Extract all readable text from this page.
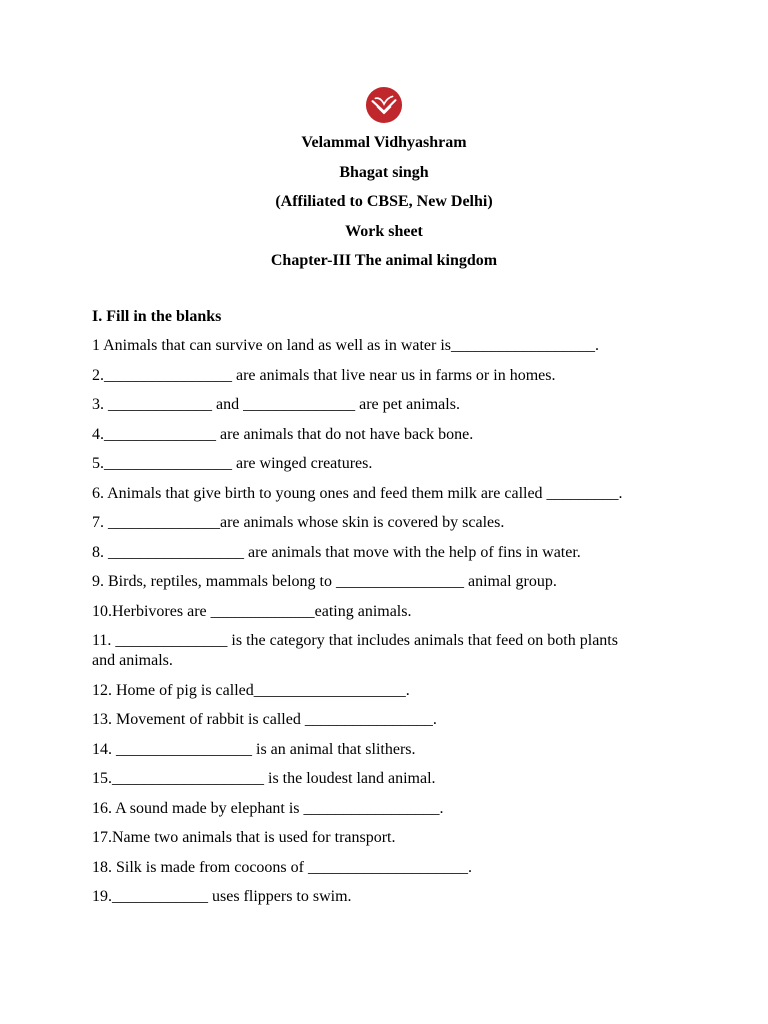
Velammal Vidhyashram
Bhagat singh
(Affiliated to CBSE, New Delhi)
Work sheet
Chapter-III The animal kingdom
I. Fill in the blanks
1 Animals that can survive on land as well as in water is__________________.
2.________________ are animals that live near us in farms or in homes.
3. _____________ and ______________ are pet animals.
4.______________ are animals that do not have back bone.
5.________________ are winged creatures.
6. Animals that give birth to young ones and feed them milk are called _________.
7. ______________are animals whose skin is covered by scales.
8. _________________ are animals that move with the help of fins in water.
9. Birds, reptiles, mammals belong to ________________ animal group.
10.Herbivores are _____________eating animals.
11. ______________ is the category that includes animals that feed on both plants and animals.
12. Home of pig is called___________________.
13. Movement of rabbit is called ________________.
14. _________________ is an animal that slithers.
15.___________________ is the loudest land animal.
16. A sound made by elephant is _________________.
17.Name two animals that is used for transport.
18. Silk is made from cocoons of ____________________.
19.____________ uses flippers to swim.
